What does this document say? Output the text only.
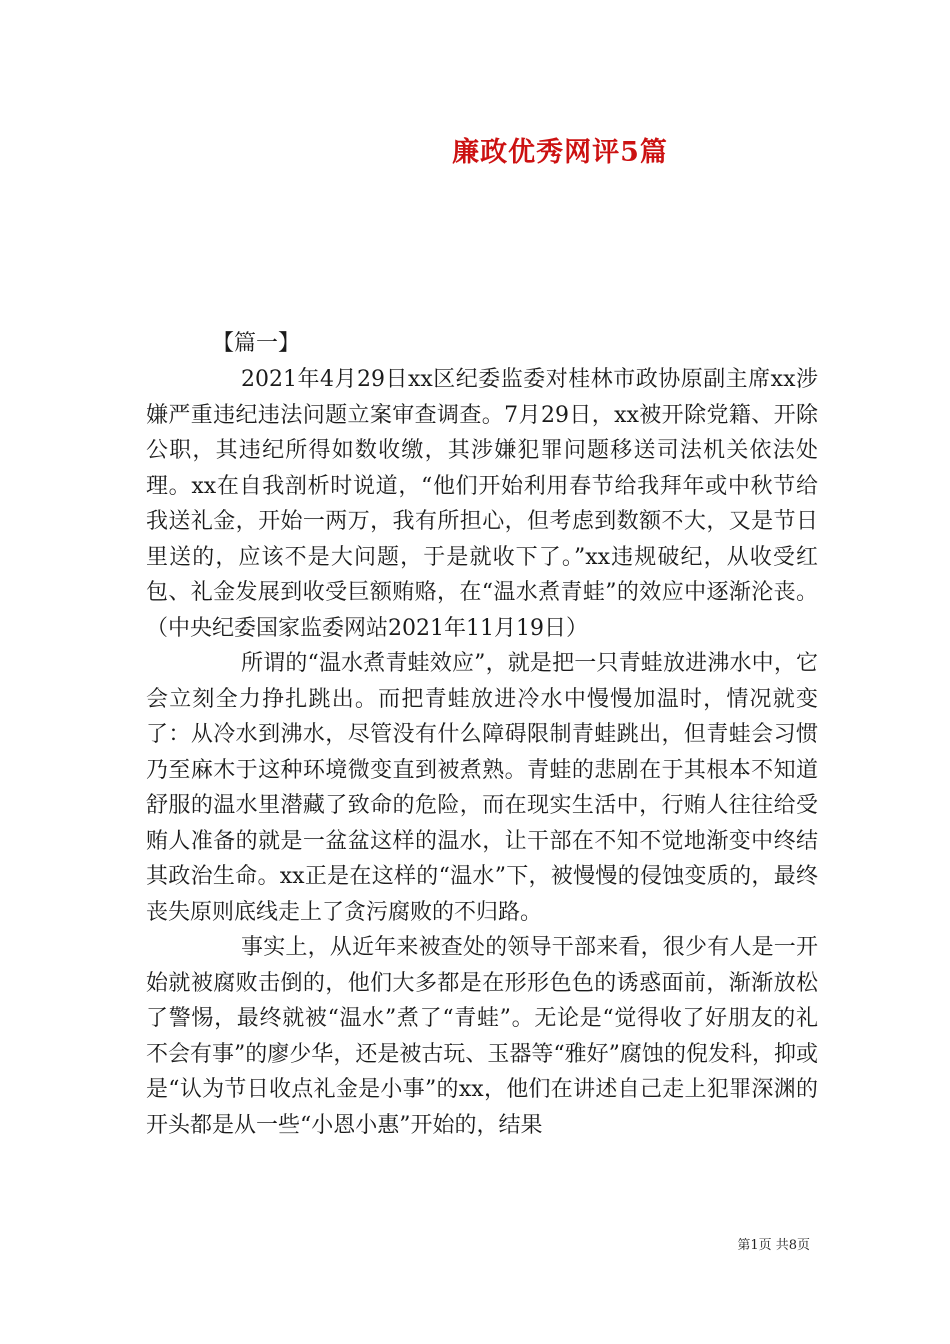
廉政优秀网评5篇
【篇一】

2021年4月29日xx区纪委监委对桂林市政协原副主席xx涉嫌严重违纪违法问题立案审查调查。7月29日，xx被开除党籍、开除公职，其违纪所得如数收缴，其涉嫌犯罪问题移送司法机关依法处理。xx在自我剖析时说道，“他们开始利用春节给我拜年或中秋节给我送礼金，开始一两万，我有所担心，但考虑到数额不大，又是节日里送的，应该不是大问题，于是就收下了。”xx违规破纪，从收受红包、礼金发展到收受巨额贿赂，在“温水煮青蛙”的效应中逐渐沦丧。（中央纪委国家监委网站2021年11月19日）

所谓的“温水煮青蛙效应”，就是把一只青蛙放进沸水中，它会立刻全力挣扎跳出。而把青蛙放进冷水中慢慢加温时，情况就变了：从冷水到沸水，尽管没有什么障碍限制青蛙跳出，但青蛙会习惯乃至麻木于这种环境微变直到被煮熟。青蛙的悲剧在于其根本不知道舒服的温水里潜藏了致命的危险，而在现实生活中，行贿人往往给受贿人准备的就是一盆盆这样的温水，让干部在不知不觉地渐变中终结其政治生命。xx正是在这样的“温水”下，被慢慢的侵蚀变质的，最终丧失原则底线走上了贪污腐败的不归路。

事实上，从近年来被查处的领导干部来看，很少有人是一开始就被腐败击倒的，他们大多都是在形形色色的诱惑面前，渐渐放松了警惕，最终就被“温水”煮了“青蛙”。无论是“觉得收了好朋友的礼不会有事”的廖少华，还是被古玩、玉器等“雅好”腐蚀的倪发科，抑或是“认为节日收点礼金是小事”的xx，他们在讲述自己走上犯罪深渊的开头都是从一些“小恩小惠”开始的，结果

第1页 共8页
